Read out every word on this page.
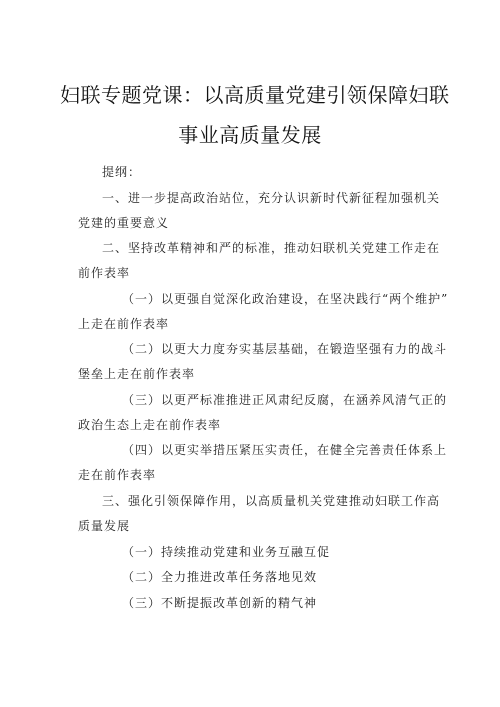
妇联专题党课：以高质量党建引领保障妇联
事业高质量发展
提纲：
一、进一步提高政治站位，充分认识新时代新征程加强机关
党建的重要意义
二、坚持改革精神和严的标准，推动妇联机关党建工作走在
前作表率
（一）以更强自觉深化政治建设，在坚决践行“两个维护”
上走在前作表率
（二）以更大力度夯实基层基础，在锻造坚强有力的战斗
堡垒上走在前作表率
（三）以更严标准推进正风肃纪反腐，在涵养风清气正的
政治生态上走在前作表率
（四）以更实举措压紧压实责任，在健全完善责任体系上
走在前作表率
三、强化引领保障作用，以高质量机关党建推动妇联工作高
质量发展
（一）持续推动党建和业务互融互促
（二）全力推进改革任务落地见效
（三）不断提振改革创新的精气神
